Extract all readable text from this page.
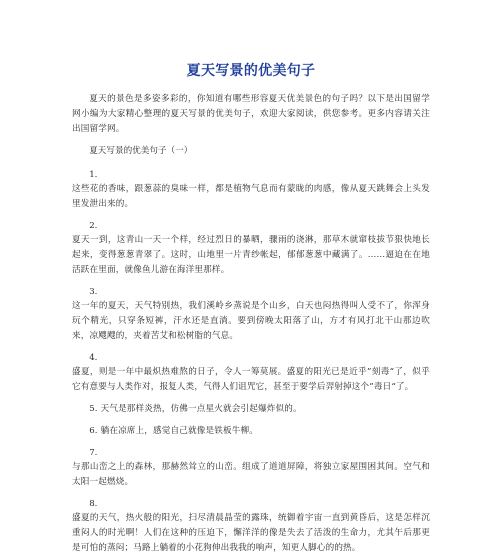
夏天写景的优美句子

夏天的景色是多姿多彩的，你知道有哪些形容夏天优美景色的句子吗？以下是出国留学网小编为大家精心整理的夏天写景的优美句子，欢迎大家阅读，供您参考。更多内容请关注出国留学网。

夏天写景的优美句子（一）

1.

这些花的香味，跟葱蒜的臭味一样，都是植物气息而有蒙眬的肉感，像从夏天跳舞会上头发里发泄出来的。

2.

夏天一到，这青山一天一个样，经过烈日的暴晒，骤雨的浇淋，那草木就窜枝拔节狠快地长起来，变得葱葱青翠了。这时，山地里一片青纱帐起，郁郁葱葱中藏满了。……逼迫在在地活跃在里面，就像鱼儿游在海洋里那样。

3.

这一年的夏天，天气特别热，我们溪岭乡蒸说是个山乡，白天也闷热得叫人受不了，你浑身玩个精光，只穿条短裤，汗水还是直淌。要到傍晚太阳落了山，方才有风打北干山那边吹来，凉飕飕的，夹着苦艾和松树脂的气息。

4.

盛夏，则是一年中最炽热难熬的日子，令人一筹莫展。盛夏的阳光已是近乎”刻毒“了，似乎它有意要与人类作对，报复人类，气得人们诅咒它，甚至于要学后羿射掉这个”毒日“了。

5. 天气是那样炎热，仿佛一点星火就会引起爆炸似的。

6. 躺在凉席上，感觉自己就像是铁板牛柳。

7.

与那山峦之上的森林，那赫然耸立的山峦。组成了道道屏障，将独立家屋围困其间。空气和太阳一起燃烧。

8.

盛夏的天气，热火般的阳光，扫尽清晨晶莹的露珠，统御着宇宙一直到黄昏后，这是怎样沉重闷人的时光啊！人们在这种的压迫下，懈洋洋的像是失去了活泼的生命力，尤其午后那更是可怕的蒸闷；马路上躺着的小花狗伸出我我的响声，知更人脚心的的热。
